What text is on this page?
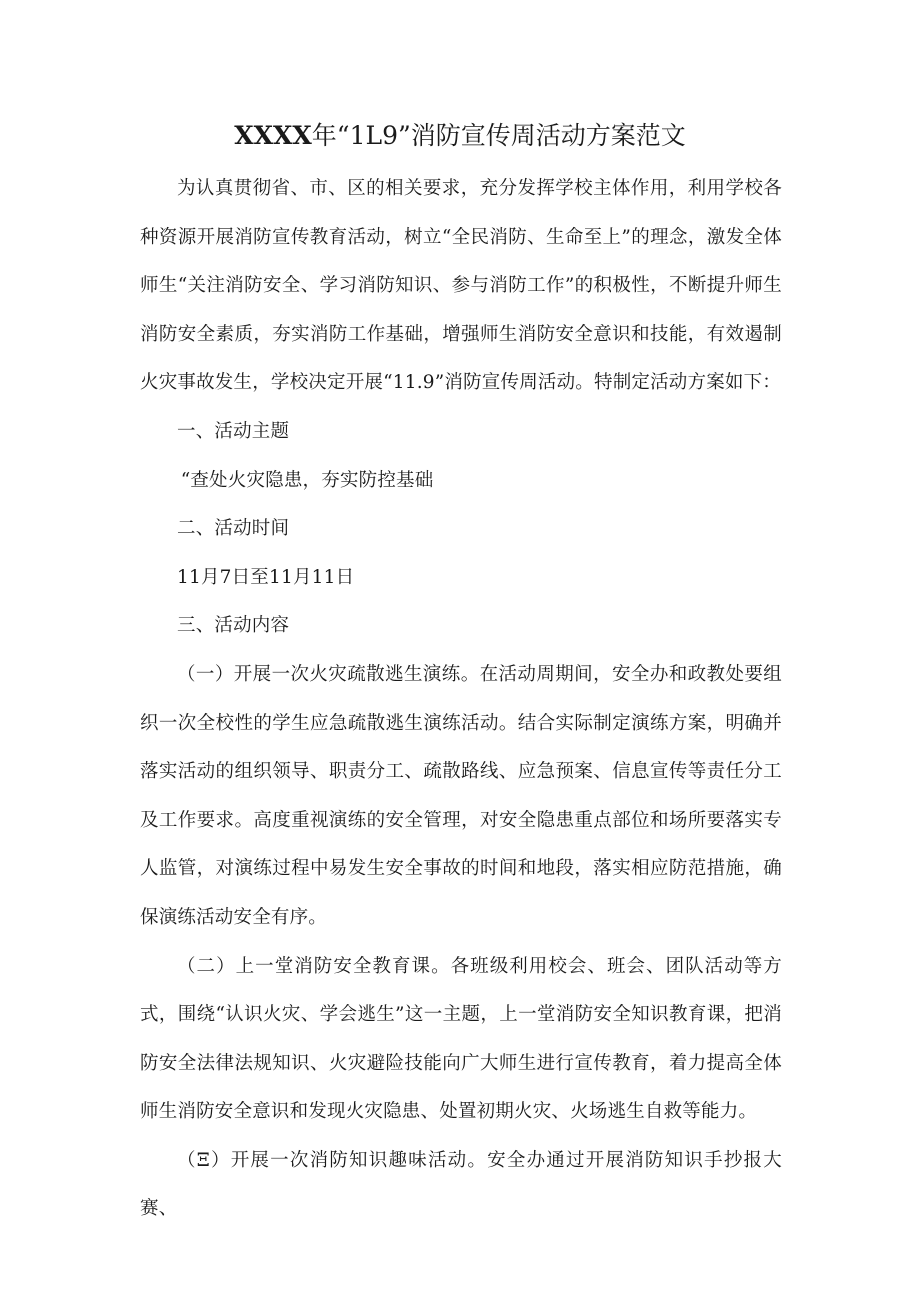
XXXX年“1L9”消防宣传周活动方案范文

为认真贯彻省、市、区的相关要求，充分发挥学校主体作用，利用学校各种资源开展消防宣传教育活动，树立“全民消防、生命至上”的理念，激发全体师生“关注消防安全、学习消防知识、参与消防工作”的积极性，不断提升师生消防安全素质，夯实消防工作基础，增强师生消防安全意识和技能，有效遏制火灾事故发生，学校决定开展“11.9”消防宣传周活动。特制定活动方案如下：

一、活动主题

“查处火灾隐患，夯实防控基础

二、活动时间

11月7日至11月11日

三、活动内容

（一）开展一次火灾疏散逃生演练。在活动周期间，安全办和政教处要组织一次全校性的学生应急疏散逃生演练活动。结合实际制定演练方案，明确并落实活动的组织领导、职责分工、疏散路线、应急预案、信息宣传等责任分工及工作要求。高度重视演练的安全管理，对安全隐患重点部位和场所要落实专人监管，对演练过程中易发生安全事故的时间和地段，落实相应防范措施，确保演练活动安全有序。

（二）上一堂消防安全教育课。各班级利用校会、班会、团队活动等方式，围绕“认识火灾、学会逃生”这一主题，上一堂消防安全知识教育课，把消防安全法律法规知识、火灾避险技能向广大师生进行宣传教育，着力提高全体师生消防安全意识和发现火灾隐患、处置初期火灾、火场逃生自救等能力。

（Ξ）开展一次消防知识趣味活动。安全办通过开展消防知识手抄报大赛、
